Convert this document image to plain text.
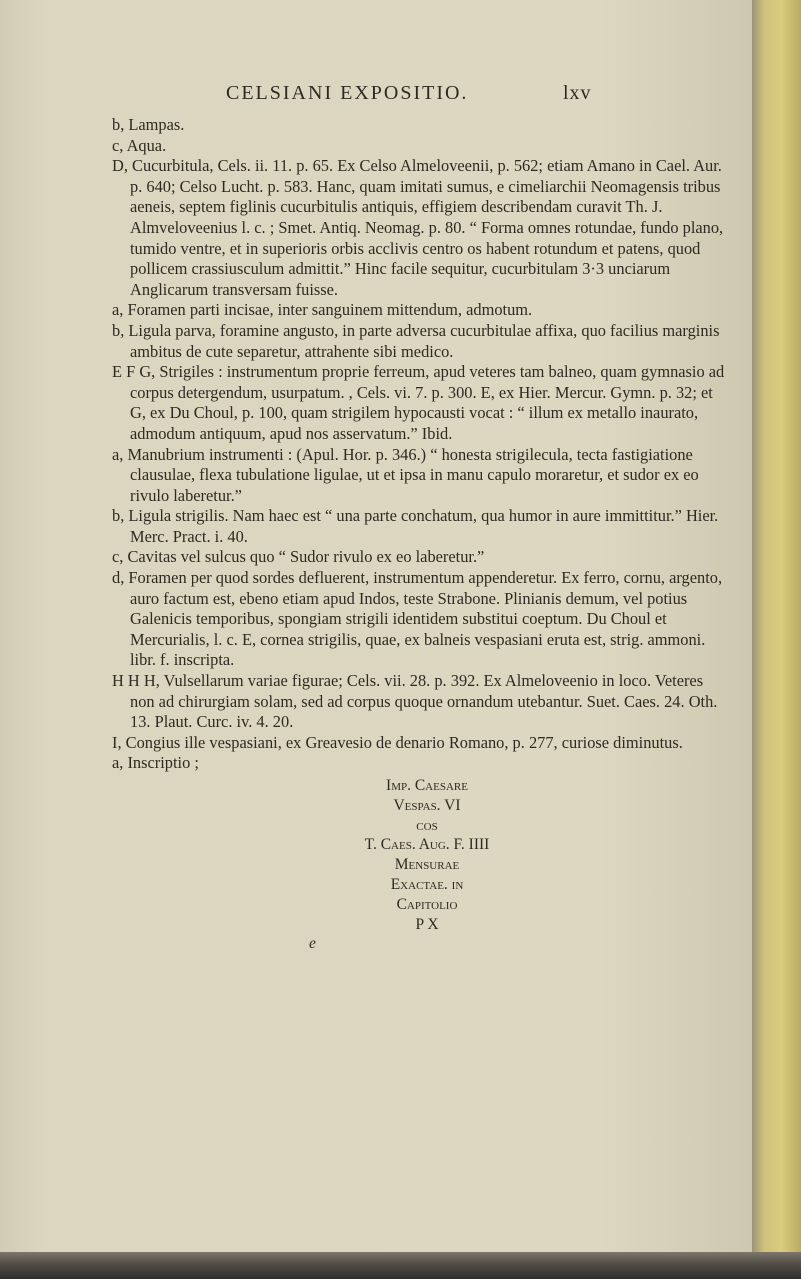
CELSIANI EXPOSITIO.	lxv

b, Lampas.

c, Aqua.

D, Cucurbitula, Cels. ii. 11. p. 65. Ex Celso Almeloveenii, p. 562; etiam Amano in Cael. Aur. p. 640; Celso Lucht. p. 583. Hanc, quam imitati sumus, e cimeliarchii Neomagensis tribus aeneis, septem figlinis cucurbitulis antiquis, effigiem describendam curavit Th. J. Almveloveenius l. c. ; Smet. Antiq. Neomag. p. 80. “ Forma omnes rotundae, fundo plano, tumido ventre, et in superioris orbis acclivis centro os habent rotundum et patens, quod pollicem crassiusculum admittit.” Hinc facile sequitur, cucurbitulam 3·3 unciarum Anglicarum transversam fuisse.

a, Foramen parti incisae, inter sanguinem mittendum, admotum.

b, Ligula parva, foramine angusto, in parte adversa cucurbitulae affixa, quo facilius marginis ambitus de cute separetur, attrahente sibi medico.

E F G, Strigiles : instrumentum proprie ferreum, apud veteres tam balneo, quam gymnasio ad corpus detergendum, usurpatum. , Cels. vi. 7. p. 300. E, ex Hier. Mercur. Gymn. p. 32; et G, ex Du Choul, p. 100, quam strigilem hypocausti vocat : “ illum ex metallo inaurato, admodum antiquum, apud nos asservatum.” Ibid.

a, Manubrium instrumenti : (Apul. Hor. p. 346.) “ honesta strigilecula, tecta fastigiatione clausulae, flexa tubulatione ligulae, ut et ipsa in manu capulo moraretur, et sudor ex eo rivulo laberetur.”

b, Ligula strigilis. Nam haec est “ una parte conchatum, qua humor in aure immittitur.” Hier. Merc. Pract. i. 40.

c, Cavitas vel sulcus quo “ Sudor rivulo ex eo laberetur.”

d, Foramen per quod sordes defluerent, instrumentum appenderetur. Ex ferro, cornu, argento, auro factum est, ebeno etiam apud Indos, teste Strabone. Plinianis demum, vel potius Galenicis temporibus, spongiam strigili identidem substitui coeptum. Du Choul et Mercurialis, l. c. E, cornea strigilis, quae, ex balneis vespasiani eruta est, strig. ammoni. libr. f. inscripta.

H H H, Vulsellarum variae figurae; Cels. vii. 28. p. 392. Ex Almeloveenio in loco. Veteres non ad chirurgiam solam, sed ad corpus quoque ornandum utebantur. Suet. Caes. 24. Oth. 13. Plaut. Curc. iv. 4. 20.

I, Congius ille vespasiani, ex Greavesio de denario Romano, p. 277, curiose diminutus.

a, Inscriptio ;

Imp. Caesare
Vespas. VI
cos
T. Caes. Aug. F. IIII
Mensurae
Exactae. in
Capitolio
P X
e
